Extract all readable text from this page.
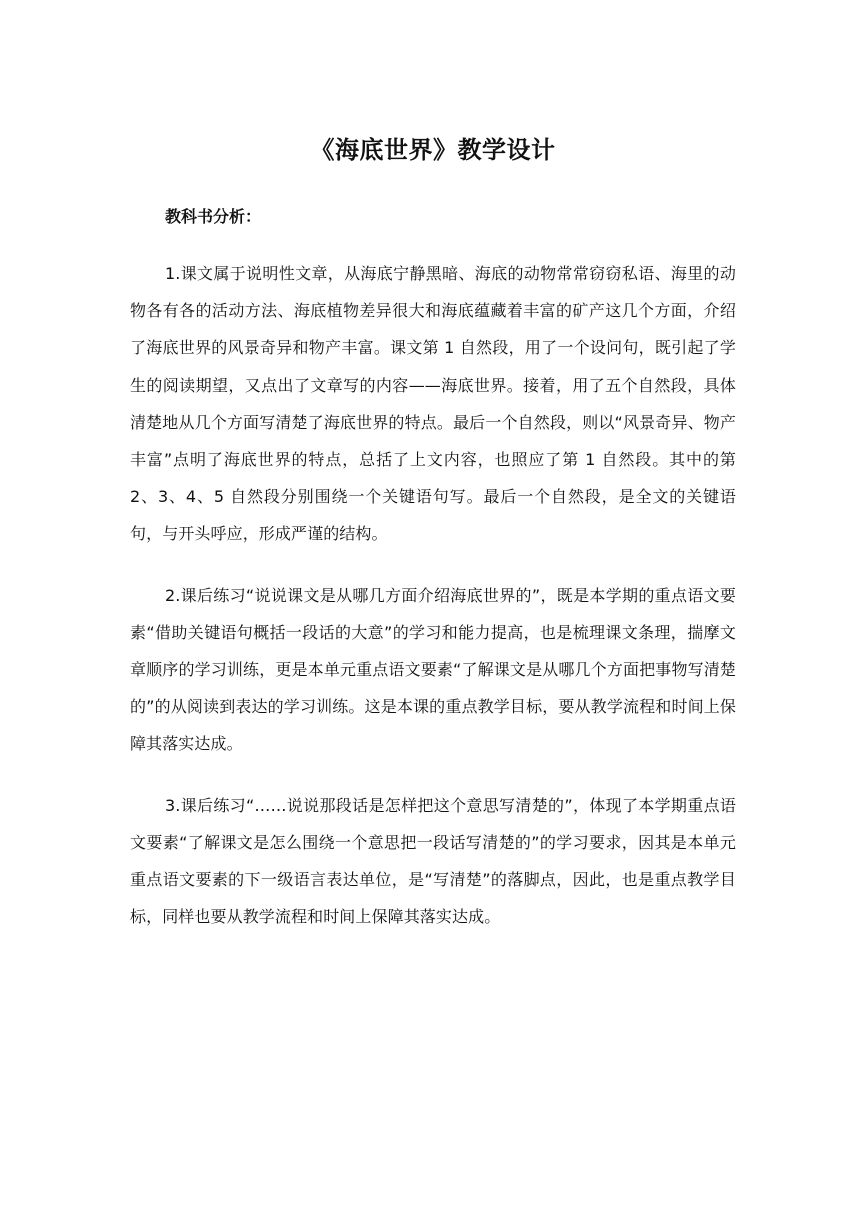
《海底世界》教学设计
教科书分析：

1.课文属于说明性文章，从海底宁静黑暗、海底的动物常常窃窃私语、海里的动物各有各的活动方法、海底植物差异很大和海底蕴藏着丰富的矿产这几个方面，介绍了海底世界的风景奇异和物产丰富。课文第 1 自然段，用了一个设问句，既引起了学生的阅读期望，又点出了文章写的内容——海底世界。接着，用了五个自然段，具体清楚地从几个方面写清楚了海底世界的特点。最后一个自然段，则以“风景奇异、物产丰富”点明了海底世界的特点，总括了上文内容，也照应了第 1 自然段。其中的第 2、3、4、5 自然段分别围绕一个关键语句写。最后一个自然段，是全文的关键语句，与开头呼应，形成严谨的结构。

2.课后练习“说说课文是从哪几方面介绍海底世界的”，既是本学期的重点语文要素“借助关键语句概括一段话的大意”的学习和能力提高，也是梳理课文条理，揣摩文章顺序的学习训练，更是本单元重点语文要素“了解课文是从哪几个方面把事物写清楚的”的从阅读到表达的学习训练。这是本课的重点教学目标，要从教学流程和时间上保障其落实达成。

3.课后练习“……说说那段话是怎样把这个意思写清楚的”，体现了本学期重点语文要素“了解课文是怎么围绕一个意思把一段话写清楚的”的学习要求，因其是本单元重点语文要素的下一级语言表达单位，是“写清楚”的落脚点，因此，也是重点教学目标，同样也要从教学流程和时间上保障其落实达成。
